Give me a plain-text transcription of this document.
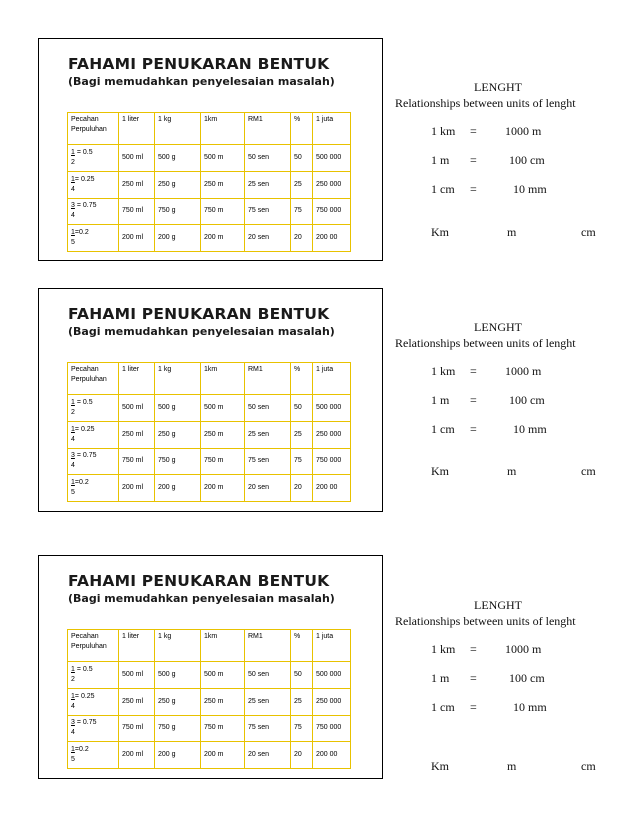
FAHAMI PENUKARAN BENTUK
(Bagi memudahkan penyelesaian masalah)
Pecahan
Perpuluhan	1 liter	1 kg	1km	RM1	%	1 juta

1 = 0.5
2	500 ml	500 g	500 m	50 sen	50	500 000

1= 0.25
4	250 ml	250 g	250 m	25 sen	25	250 000

3 = 0.75
4	750 ml	750 g	750 m	75 sen	75	750 000

1=0.2
5	200 ml	200 g	200 m	20 sen	20	200 00
LENGHT
Relationships between units of lenght
1 km = 1000 m
1 m =	100 cm
1 cm =	10 mm
Km	m	cm
FAHAMI PENUKARAN BENTUK
(Bagi memudahkan penyelesaian masalah)
Pecahan
Perpuluhan	1 liter	1 kg	1km	RM1	%	1 juta

1 = 0.5
2	500 ml	500 g	500 m	50 sen	50	500 000

1= 0.25
4	250 ml	250 g	250 m	25 sen	25	250 000

3 = 0.75
4	750 ml	750 g	750 m	75 sen	75	750 000

1=0.2
5	200 ml	200 g	200 m	20 sen	20	200 00
LENGHT
Relationships between units of lenght
1 km = 1000 m
1 m =	100 cm
1 cm =	10 mm
Km	m	cm
FAHAMI PENUKARAN BENTUK
(Bagi memudahkan penyelesaian masalah)
Pecahan
Perpuluhan	1 liter	1 kg	1km	RM1	%	1 juta

1 = 0.5
2	500 ml	500 g	500 m	50 sen	50	500 000

1= 0.25
4	250 ml	250 g	250 m	25 sen	25	250 000

3 = 0.75
4	750 ml	750 g	750 m	75 sen	75	750 000

1=0.2
5	200 ml	200 g	200 m	20 sen	20	200 00
LENGHT
Relationships between units of lenght
1 km = 1000 m
1 m =	100 cm
1 cm =	10 mm
Km	m	cm
